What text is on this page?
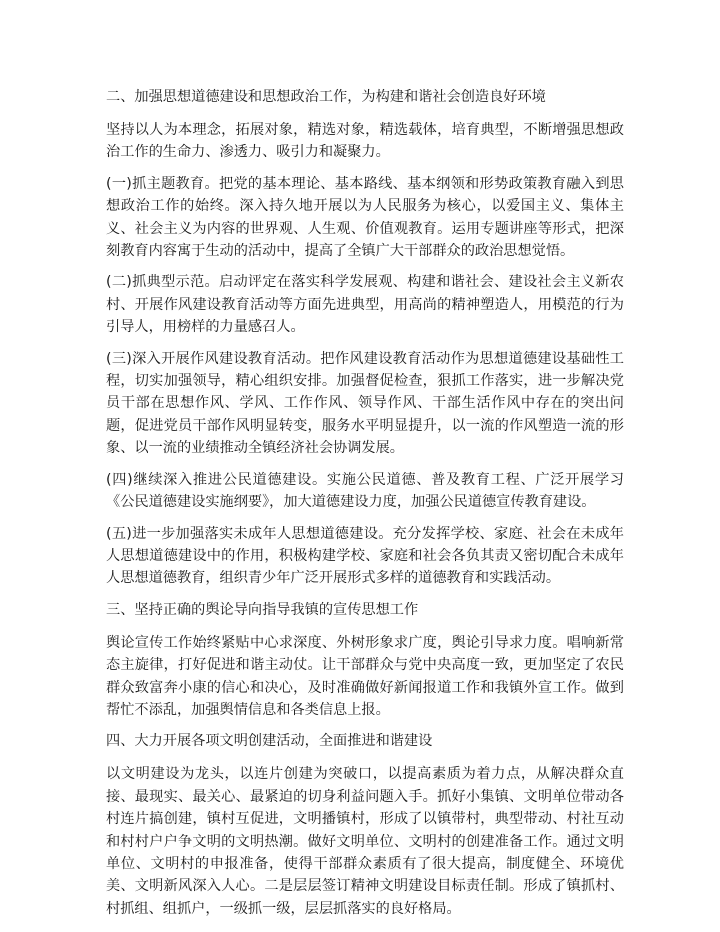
二、加强思想道德建设和思想政治工作，为构建和谐社会创造良好环境

坚持以人为本理念，拓展对象，精选对象，精选载体，培育典型，不断增强思想政治工作的生命力、渗透力、吸引力和凝聚力。

(一)抓主题教育。把党的基本理论、基本路线、基本纲领和形势政策教育融入到思想政治工作的始终。深入持久地开展以为人民服务为核心，以爱国主义、集体主义、社会主义为内容的世界观、人生观、价值观教育。运用专题讲座等形式，把深刻教育内容寓于生动的活动中，提高了全镇广大干部群众的政治思想觉悟。

(二)抓典型示范。启动评定在落实科学发展观、构建和谐社会、建设社会主义新农村、开展作风建设教育活动等方面先进典型，用高尚的精神塑造人，用模范的行为引导人，用榜样的力量感召人。

(三)深入开展作风建设教育活动。把作风建设教育活动作为思想道德建设基础性工程，切实加强领导，精心组织安排。加强督促检查，狠抓工作落实，进一步解决党员干部在思想作风、学风、工作作风、领导作风、干部生活作风中存在的突出问题，促进党员干部作风明显转变，服务水平明显提升，以一流的作风塑造一流的形象、以一流的业绩推动全镇经济社会协调发展。

(四)继续深入推进公民道德建设。实施公民道德、普及教育工程、广泛开展学习《公民道德建设实施纲要》，加大道德建设力度，加强公民道德宣传教育建设。

(五)进一步加强落实未成年人思想道德建设。充分发挥学校、家庭、社会在未成年人思想道德建设中的作用，积极构建学校、家庭和社会各负其责又密切配合未成年人思想道德教育，组织青少年广泛开展形式多样的道德教育和实践活动。

三、坚持正确的舆论导向指导我镇的宣传思想工作

舆论宣传工作始终紧贴中心求深度、外树形象求广度，舆论引导求力度。唱响新常态主旋律，打好促进和谐主动仗。让干部群众与党中央高度一致，更加坚定了农民群众致富奔小康的信心和决心，及时准确做好新闻报道工作和我镇外宣工作。做到帮忙不添乱，加强舆情信息和各类信息上报。

四、大力开展各项文明创建活动，全面推进和谐建设

以文明建设为龙头，以连片创建为突破口，以提高素质为着力点，从解决群众直接、最现实、最关心、最紧迫的切身利益问题入手。抓好小集镇、文明单位带动各村连片搞创建，镇村互促进，文明播镇村，形成了以镇带村，典型带动、村社互动和村村户户争文明的文明热潮。做好文明单位、文明村的创建准备工作。通过文明单位、文明村的申报准备，使得干部群众素质有了很大提高，制度健全、环境优美、文明新风深入人心。二是层层签订精神文明建设目标责任制。形成了镇抓村、村抓组、组抓户，一级抓一级，层层抓落实的良好格局。
